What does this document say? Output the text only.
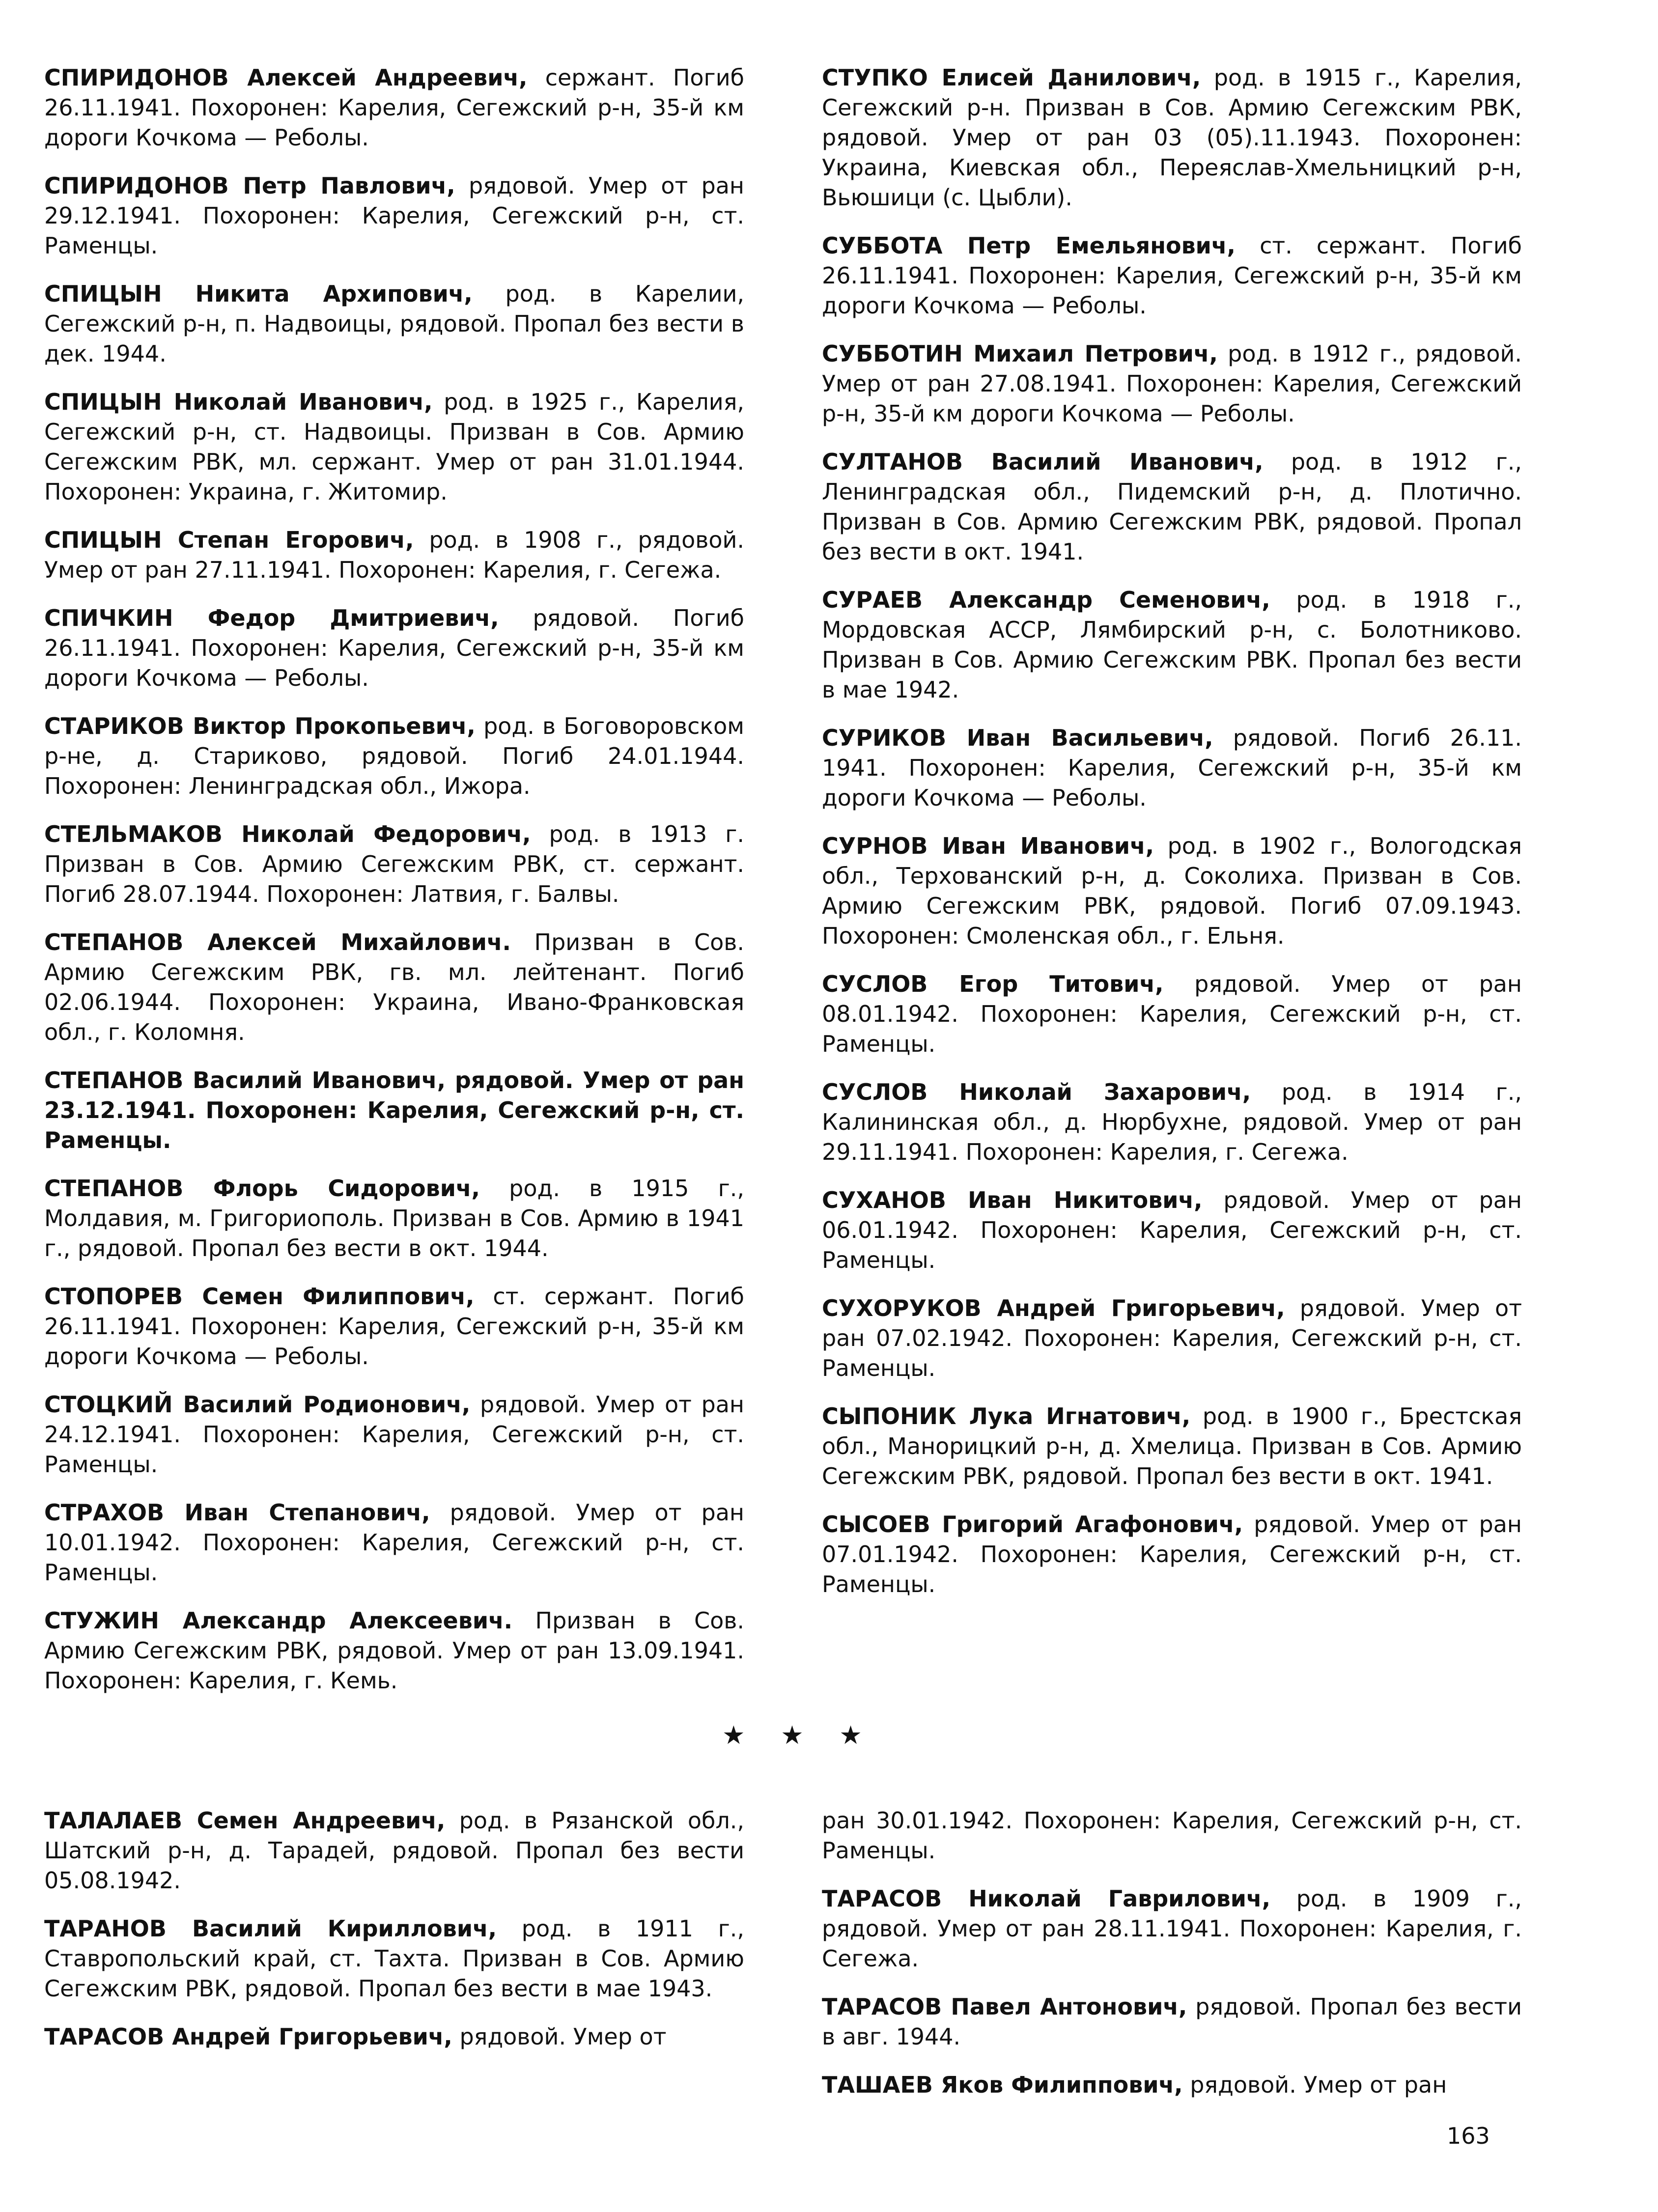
СПИРИДОНОВ Алексей Андреевич, сержант. Погиб 26.11.1941. Похоронен: Карелия, Сегежский р-н, 35-й км дороги Кочкома — Реболы.

СПИРИДОНОВ Петр Павлович, рядовой. Умер от ран 29.12.1941. Похоронен: Карелия, Сегежский р-н, ст. Раменцы.

СПИЦЫН Никита Архипович, род. в Карелии, Сегежский р-н, п. Надвоицы, рядовой. Пропал без вести в дек. 1944.

СПИЦЫН Николай Иванович, род. в 1925 г., Карелия, Сегежский р-н, ст. Надвоицы. Призван в Сов. Армию Сегежским РВК, мл. сержант. Умер от ран 31.01.1944. Похоронен: Украина, г. Житомир.

СПИЦЫН Степан Егорович, род. в 1908 г., рядовой. Умер от ран 27.11.1941. Похоронен: Карелия, г. Сегежа.

СПИЧКИН Федор Дмитриевич, рядовой. Погиб 26.11.1941. Похоронен: Карелия, Сегежский р-н, 35-й км дороги Кочкома — Реболы.

СТАРИКОВ Виктор Прокопьевич, род. в Боговоровском р-не, д. Стариково, рядовой. Погиб 24.01.1944. Похоронен: Ленинградская обл., Ижора.

СТЕЛЬМАКОВ Николай Федорович, род. в 1913 г. Призван в Сов. Армию Сегежским РВК, ст. сержант. Погиб 28.07.1944. Похоронен: Латвия, г. Балвы.

СТЕПАНОВ Алексей Михайлович. Призван в Сов. Армию Сегежским РВК, гв. мл. лейтенант. Погиб 02.06.1944. Похоронен: Украина, Ивано-Франковская обл., г. Коломня.

СТЕПАНОВ Василий Иванович, рядовой. Умер от ран 23.12.1941. Похоронен: Карелия, Сегежский р-н, ст. Раменцы.

СТЕПАНОВ Флорь Сидорович, род. в 1915 г., Молдавия, м. Григориополь. Призван в Сов. Армию в 1941 г., рядовой. Пропал без вести в окт. 1944.

СТОПОРЕВ Семен Филиппович, ст. сержант. Погиб 26.11.1941. Похоронен: Карелия, Сегежский р-н, 35-й км дороги Кочкома — Реболы.

СТОЦКИЙ Василий Родионович, рядовой. Умер от ран 24.12.1941. Похоронен: Карелия, Сегежский р-н, ст. Раменцы.

СТРАХОВ Иван Степанович, рядовой. Умер от ран 10.01.1942. Похоронен: Карелия, Сегежский р-н, ст. Раменцы.

СТУЖИН Александр Алексеевич. Призван в Сов. Армию Сегежским РВК, рядовой. Умер от ран 13.09.1941. Похоронен: Карелия, г. Кемь.

СТУПКО Елисей Данилович, род. в 1915 г., Карелия, Сегежский р-н. Призван в Сов. Армию Сегежским РВК, рядовой. Умер от ран 03 (05).11.1943. Похоронен: Украина, Киевская обл., Переяслав-Хмельницкий р-н, Вьюшици (с. Цыбли).

СУББОТА Петр Емельянович, ст. сержант. Погиб 26.11.1941. Похоронен: Карелия, Сегежский р-н, 35-й км дороги Кочкома — Реболы.

СУББОТИН Михаил Петрович, род. в 1912 г., рядовой. Умер от ран 27.08.1941. Похоронен: Карелия, Сегежский р-н, 35-й км дороги Кочкома — Реболы.

СУЛТАНОВ Василий Иванович, род. в 1912 г., Ленинградская обл., Пидемский р-н, д. Плотично. Призван в Сов. Армию Сегежским РВК, рядовой. Пропал без вести в окт. 1941.

СУРАЕВ Александр Семенович, род. в 1918 г., Мордовская АССР, Лямбирский р-н, с. Болотниково. Призван в Сов. Армию Сегежским РВК. Пропал без вести в мае 1942.

СУРИКОВ Иван Васильевич, рядовой. Погиб 26.11. 1941. Похоронен: Карелия, Сегежский р-н, 35-й км дороги Кочкома — Реболы.

СУРНОВ Иван Иванович, род. в 1902 г., Вологодская обл., Терхованский р-н, д. Соколиха. Призван в Сов. Армию Сегежским РВК, рядовой. Погиб 07.09.1943. Похоронен: Смоленская обл., г. Ельня.

СУСЛОВ Егор Титович, рядовой. Умер от ран 08.01.1942. Похоронен: Карелия, Сегежский р-н, ст. Раменцы.

СУСЛОВ Николай Захарович, род. в 1914 г., Калининская обл., д. Нюрбухне, рядовой. Умер от ран 29.11.1941. Похоронен: Карелия, г. Сегежа.

СУХАНОВ Иван Никитович, рядовой. Умер от ран 06.01.1942. Похоронен: Карелия, Сегежский р-н, ст. Раменцы.

СУХОРУКОВ Андрей Григорьевич, рядовой. Умер от ран 07.02.1942. Похоронен: Карелия, Сегежский р-н, ст. Раменцы.

СЫПОНИК Лука Игнатович, род. в 1900 г., Брестская обл., Манорицкий р-н, д. Хмелица. Призван в Сов. Армию Сегежским РВК, рядовой. Пропал без вести в окт. 1941.

СЫСОЕВ Григорий Агафонович, рядовой. Умер от ран 07.01.1942. Похоронен: Карелия, Сегежский р-н, ст. Раменцы.

★ ★ ★

ТАЛАЛАЕВ Семен Андреевич, род. в Рязанской обл., Шатский р-н, д. Тарадей, рядовой. Пропал без вести 05.08.1942.

ТАРАНОВ Василий Кириллович, род. в 1911 г., Ставропольский край, ст. Тахта. Призван в Сов. Армию Сегежским РВК, рядовой. Пропал без вести в мае 1943.

ТАРАСОВ Андрей Григорьевич, рядовой. Умер от

ран 30.01.1942. Похоронен: Карелия, Сегежский р-н, ст. Раменцы.

ТАРАСОВ Николай Гаврилович, род. в 1909 г., рядовой. Умер от ран 28.11.1941. Похоронен: Карелия, г. Сегежа.

ТАРАСОВ Павел Антонович, рядовой. Пропал без вести в авг. 1944.

ТАШАЕВ Яков Филиппович, рядовой. Умер от ран

163
